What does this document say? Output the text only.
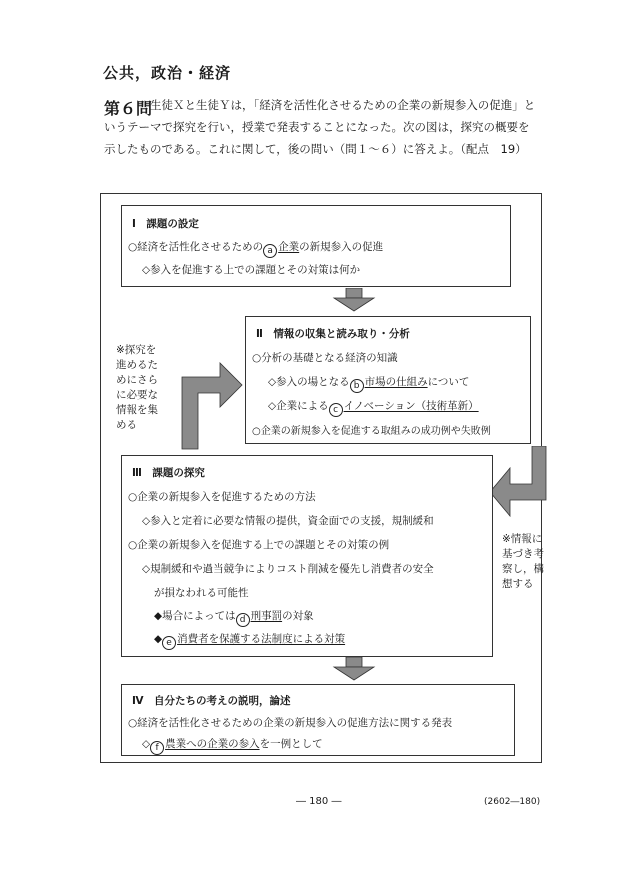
公共，政治・経済
第６問
生徒Ｘと生徒Ｙは，「経済を活性化させるための企業の新規参入の促進」と
いうテーマで探究を行い，授業で発表することになった。次の図は，探究の概要を
示したものである。これに関して，後の問い（問１～６）に答えよ。（配点　19）
Ⅰ　課題の設定
○経済を活性化させるための a 企業の新規参入の促進
◇参入を促進する上での課題とその対策は何か
Ⅱ　情報の収集と読み取り・分析
○分析の基礎となる経済の知識
◇参入の場となる b 市場の仕組みについて
◇企業による c イノベーション（技術革新）
○企業の新規参入を促進する取組みの成功例や失敗例
※探究を
進めるた
めにさら
に必要な
情報を集
める
Ⅲ　課題の探究
○企業の新規参入を促進するための方法
◇参入と定着に必要な情報の提供，資金面での支援，規制緩和
○企業の新規参入を促進する上での課題とその対策の例
◇規制緩和や過当競争によりコスト削減を優先し消費者の安全
が損なわれる可能性
◆場合によっては d 刑事罰の対象
◆ e 消費者を保護する法制度による対策
※情報に
基づき考
察し，構
想する
Ⅳ　自分たちの考えの説明，論述
○経済を活性化させるための企業の新規参入の促進方法に関する発表
◇ f 農業への企業の参入を一例として
― 180 ―	(2602―180)
